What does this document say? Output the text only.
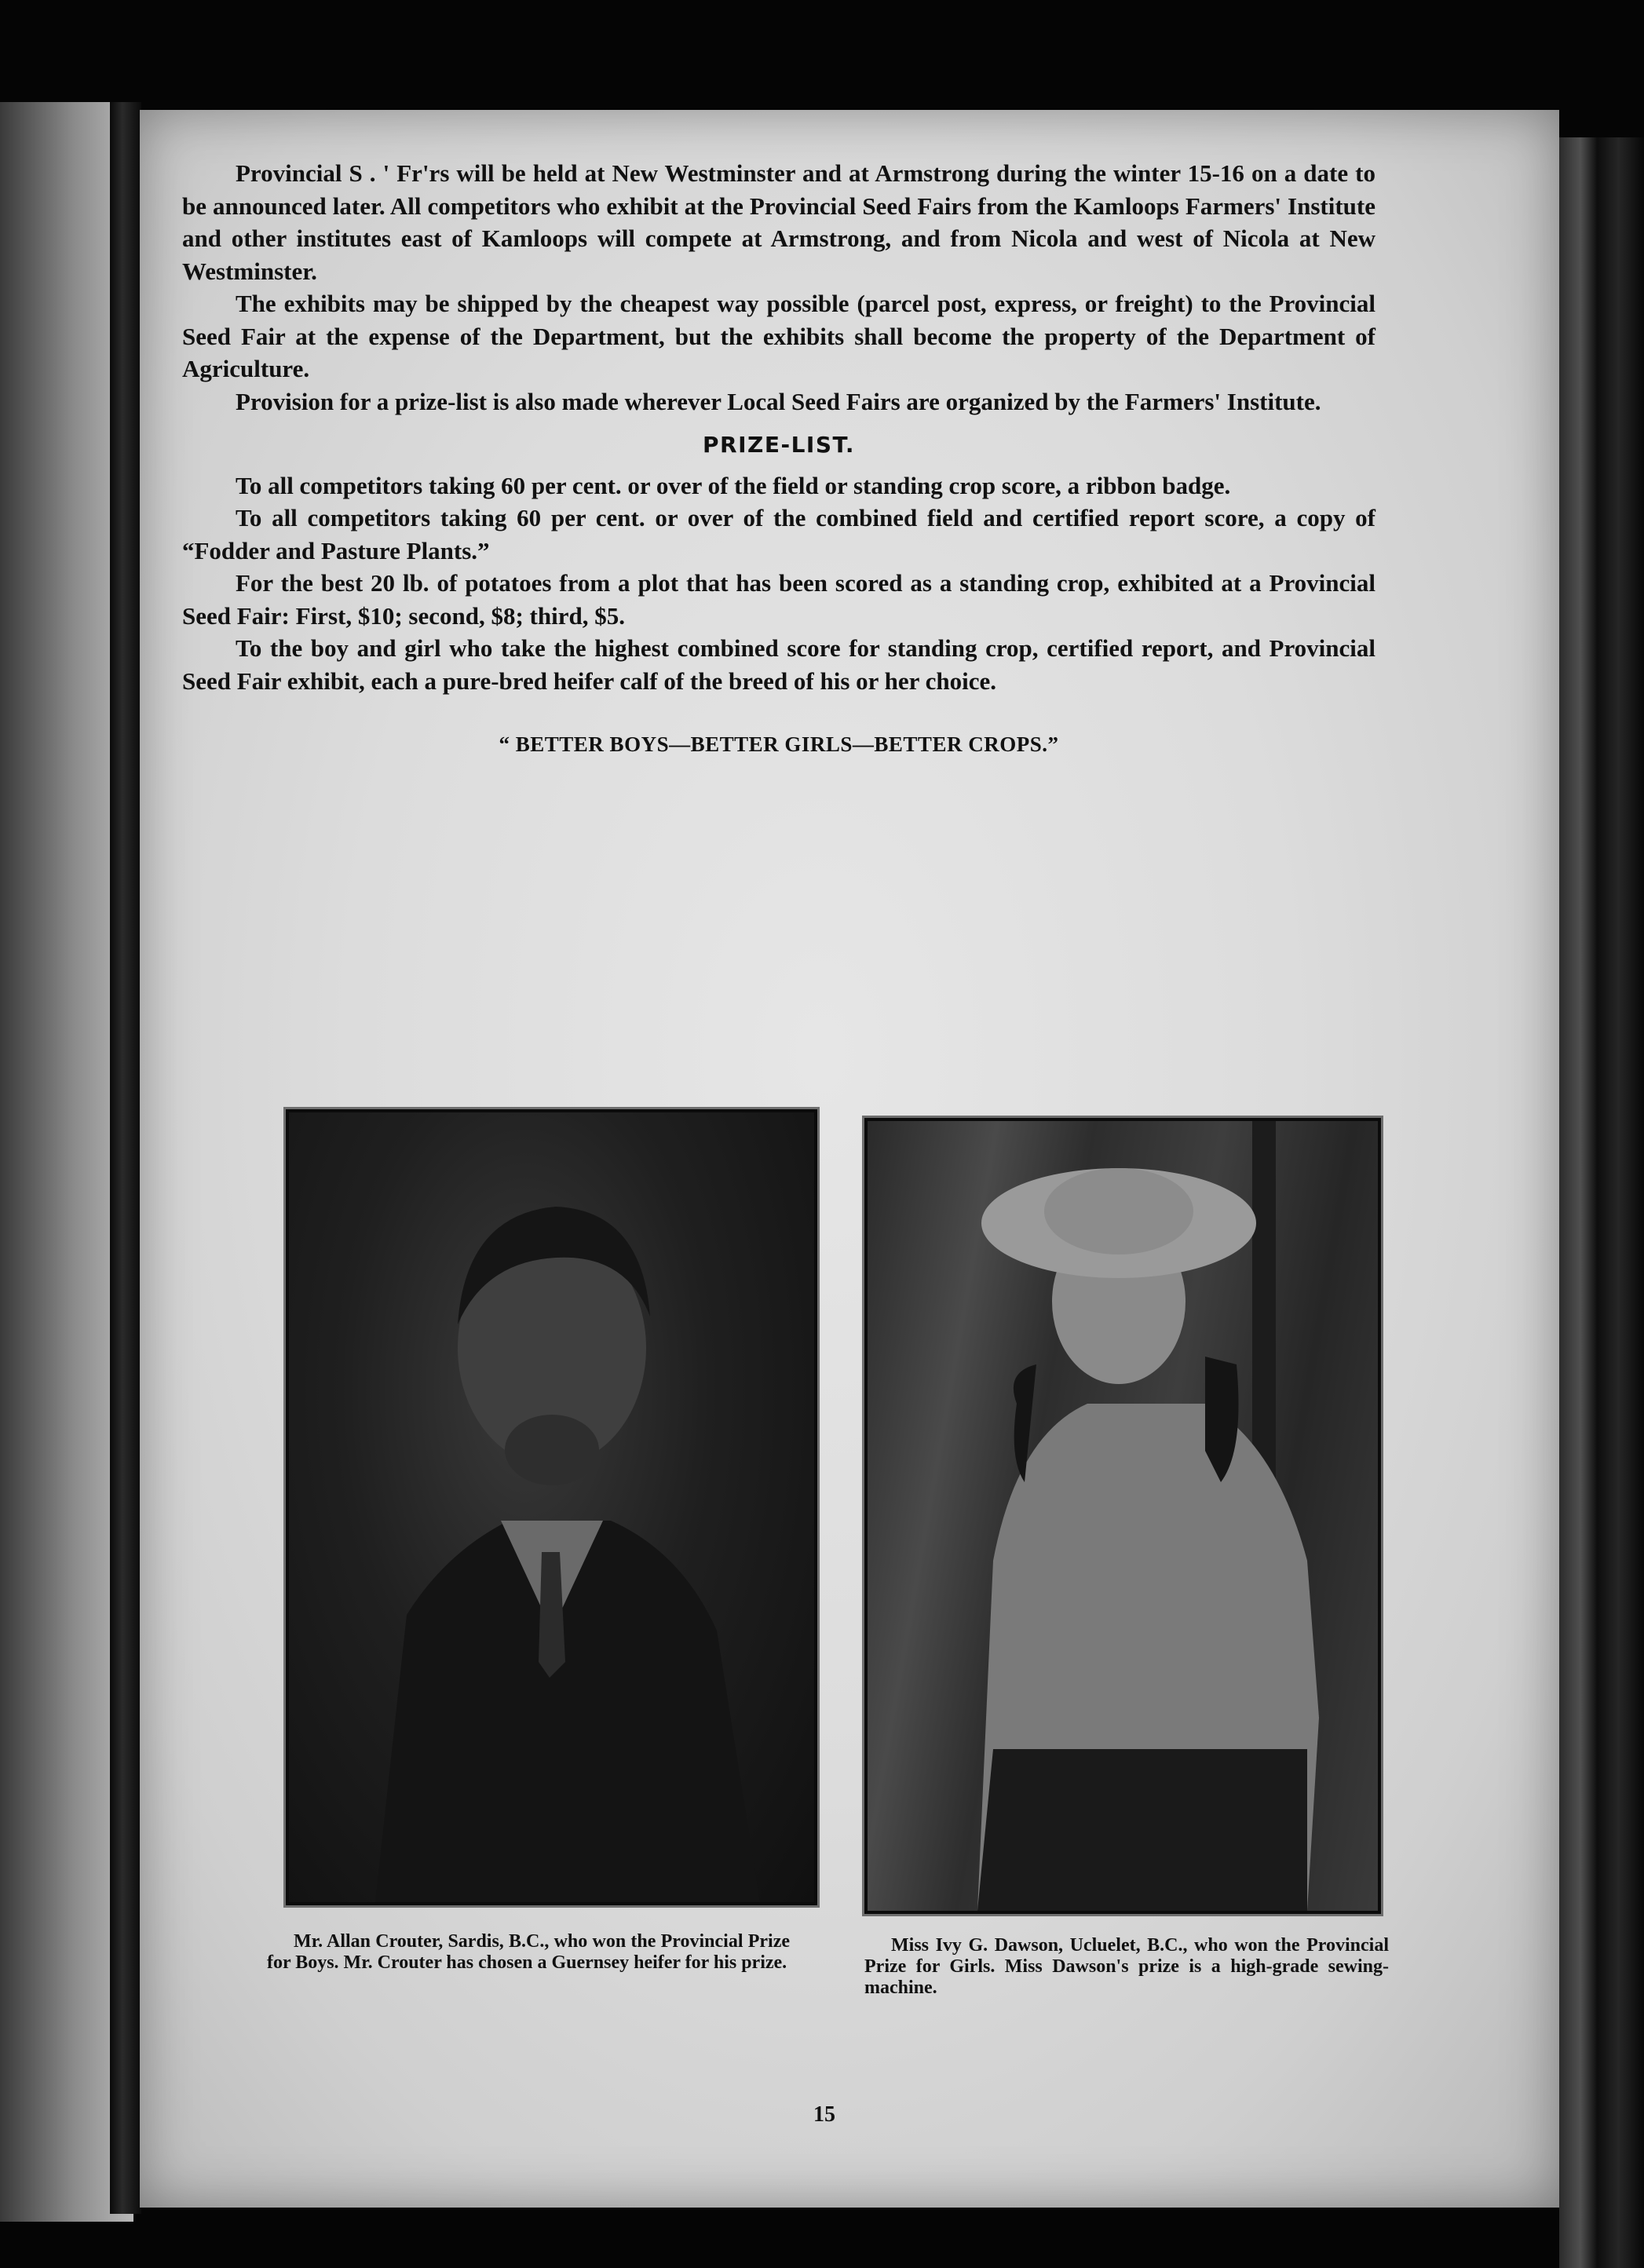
Provincial S . ' Fr'rs will be held at New Westminster and at Armstrong during the winter 15-16 on a date to be announced later. All competitors who exhibit at the Provincial Seed Fairs from the Kamloops Farmers' Institute and other institutes east of Kamloops will compete at Armstrong, and from Nicola and west of Nicola at New Westminster.

The exhibits may be shipped by the cheapest way possible (parcel post, express, or freight) to the Provincial Seed Fair at the expense of the Department, but the exhibits shall become the property of the Department of Agriculture.

Provision for a prize-list is also made wherever Local Seed Fairs are organized by the Farmers' Institute.

PRIZE-LIST.

To all competitors taking 60 per cent. or over of the field or standing crop score, a ribbon badge.

To all competitors taking 60 per cent. or over of the combined field and certified report score, a copy of “Fodder and Pasture Plants.”

For the best 20 lb. of potatoes from a plot that has been scored as a standing crop, exhibited at a Provincial Seed Fair: First, $10; second, $8; third, $5.

To the boy and girl who take the highest combined score for standing crop, certified report, and Provincial Seed Fair exhibit, each a pure-bred heifer calf of the breed of his or her choice.

“ BETTER BOYS—BETTER GIRLS—BETTER CROPS.”
Mr. Allan Crouter, Sardis, B.C., who won the Provincial Prize for Boys. Mr. Crouter has chosen a Guernsey heifer for his prize.
Miss Ivy G. Dawson, Ucluelet, B.C., who won the Provincial Prize for Girls. Miss Dawson's prize is a high-grade sewing-machine.
15
